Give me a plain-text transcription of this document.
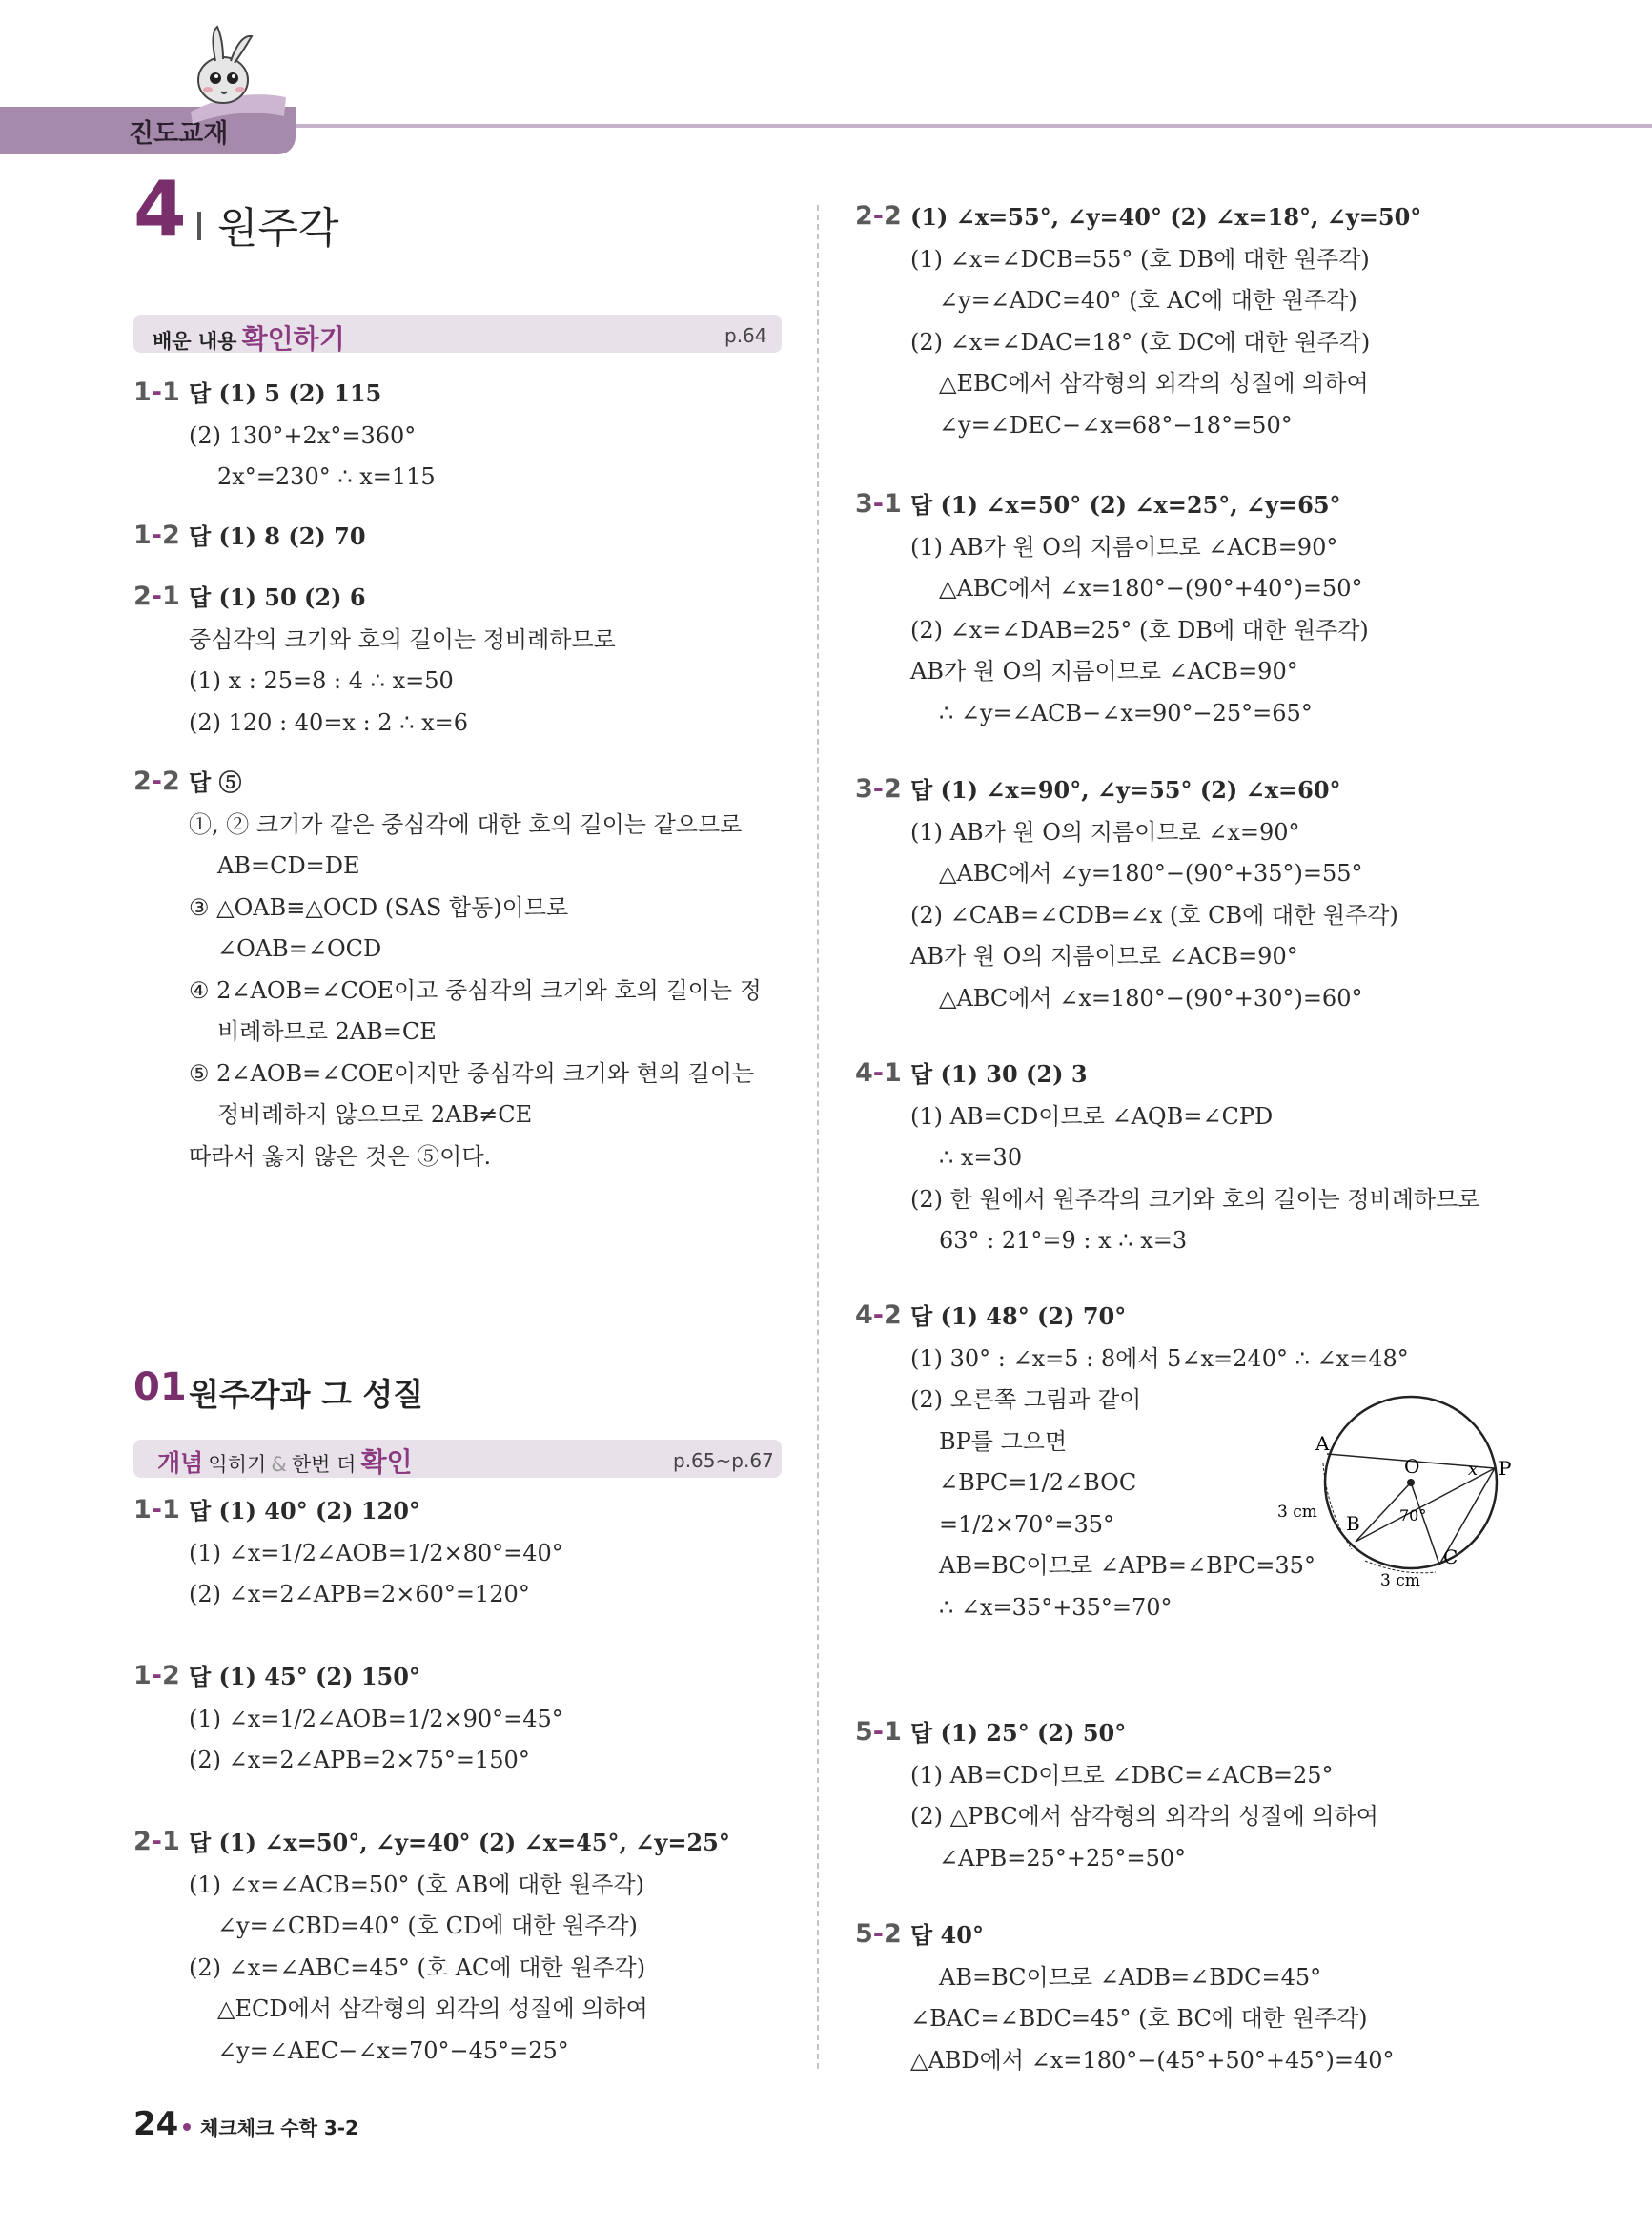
진도교재
4 원주각
배운 내용 확인하기	p.64
1-1 답 (1) 5 (2) 115
(2) 130°+2x°=360°
2x°=230° ∴ x=115
1-2 답 (1) 8 (2) 70
2-1 답 (1) 50 (2) 6
중심각의 크기와 호의 길이는 정비례하므로
(1) x : 25=8 : 4 ∴ x=50
(2) 120 : 40=x : 2 ∴ x=6
2-2 답 ⑤
①, ② 크기가 같은 중심각에 대한 호의 길이는 같으므로
AB=CD=DE
③ △OAB≡△OCD (SAS 합동)이므로
∠OAB=∠OCD
④ 2∠AOB=∠COE이고 중심각의 크기와 호의 길이는 정
비례하므로 2AB=CE
⑤ 2∠AOB=∠COE이지만 중심각의 크기와 현의 길이는
정비례하지 않으므로 2AB≠CE
따라서 옳지 않은 것은 ⑤이다.
01 원주각과 그 성질
개념 익히기 & 한번 더 확인	p.65~p.67
1-1 답 (1) 40° (2) 120°
(1) ∠x=1/2∠AOB=1/2×80°=40°
(2) ∠x=2∠APB=2×60°=120°
1-2 답 (1) 45° (2) 150°
(1) ∠x=1/2∠AOB=1/2×90°=45°
(2) ∠x=2∠APB=2×75°=150°
2-1 답 (1) ∠x=50°, ∠y=40° (2) ∠x=45°, ∠y=25°
(1) ∠x=∠ACB=50° (호 AB에 대한 원주각)
∠y=∠CBD=40° (호 CD에 대한 원주각)
(2) ∠x=∠ABC=45° (호 AC에 대한 원주각)
△ECD에서 삼각형의 외각의 성질에 의하여
∠y=∠AEC−∠x=70°−45°=25°
2-2 (1) ∠x=55°, ∠y=40° (2) ∠x=18°, ∠y=50°
(1) ∠x=∠DCB=55° (호 DB에 대한 원주각)
∠y=∠ADC=40° (호 AC에 대한 원주각)
(2) ∠x=∠DAC=18° (호 DC에 대한 원주각)
△EBC에서 삼각형의 외각의 성질에 의하여
∠y=∠DEC−∠x=68°−18°=50°
3-1 답 (1) ∠x=50° (2) ∠x=25°, ∠y=65°
(1) AB가 원 O의 지름이므로 ∠ACB=90°
△ABC에서 ∠x=180°−(90°+40°)=50°
(2) ∠x=∠DAB=25° (호 DB에 대한 원주각)
AB가 원 O의 지름이므로 ∠ACB=90°
∴ ∠y=∠ACB−∠x=90°−25°=65°
3-2 답 (1) ∠x=90°, ∠y=55° (2) ∠x=60°
(1) AB가 원 O의 지름이므로 ∠x=90°
△ABC에서 ∠y=180°−(90°+35°)=55°
(2) ∠CAB=∠CDB=∠x (호 CB에 대한 원주각)
AB가 원 O의 지름이므로 ∠ACB=90°
△ABC에서 ∠x=180°−(90°+30°)=60°
4-1 답 (1) 30 (2) 3
(1) AB=CD이므로 ∠AQB=∠CPD
∴ x=30
(2) 한 원에서 원주각의 크기와 호의 길이는 정비례하므로
63° : 21°=9 : x ∴ x=3
4-2 답 (1) 48° (2) 70°
(1) 30° : ∠x=5 : 8에서 5∠x=240° ∴ ∠x=48°
(2) 오른쪽 그림과 같이
BP를 그으면
∠BPC=1/2∠BOC
=1/2×70°=35°
AB=BC이므로 ∠APB=∠BPC=35°
∴ ∠x=35°+35°=70°
5-1 답 (1) 25° (2) 50°
(1) AB=CD이므로 ∠DBC=∠ACB=25°
(2) △PBC에서 삼각형의 외각의 성질에 의하여
∠APB=25°+25°=50°
5-2 답 40°
AB=BC이므로 ∠ADB=∠BDC=45°
∠BAC=∠BDC=45° (호 BC에 대한 원주각)
△ABD에서 ∠x=180°−(45°+50°+45°)=40°
A
B
C
O	P
x
70°
3 cm
3 cm
24 체크체크 수학 3-2
